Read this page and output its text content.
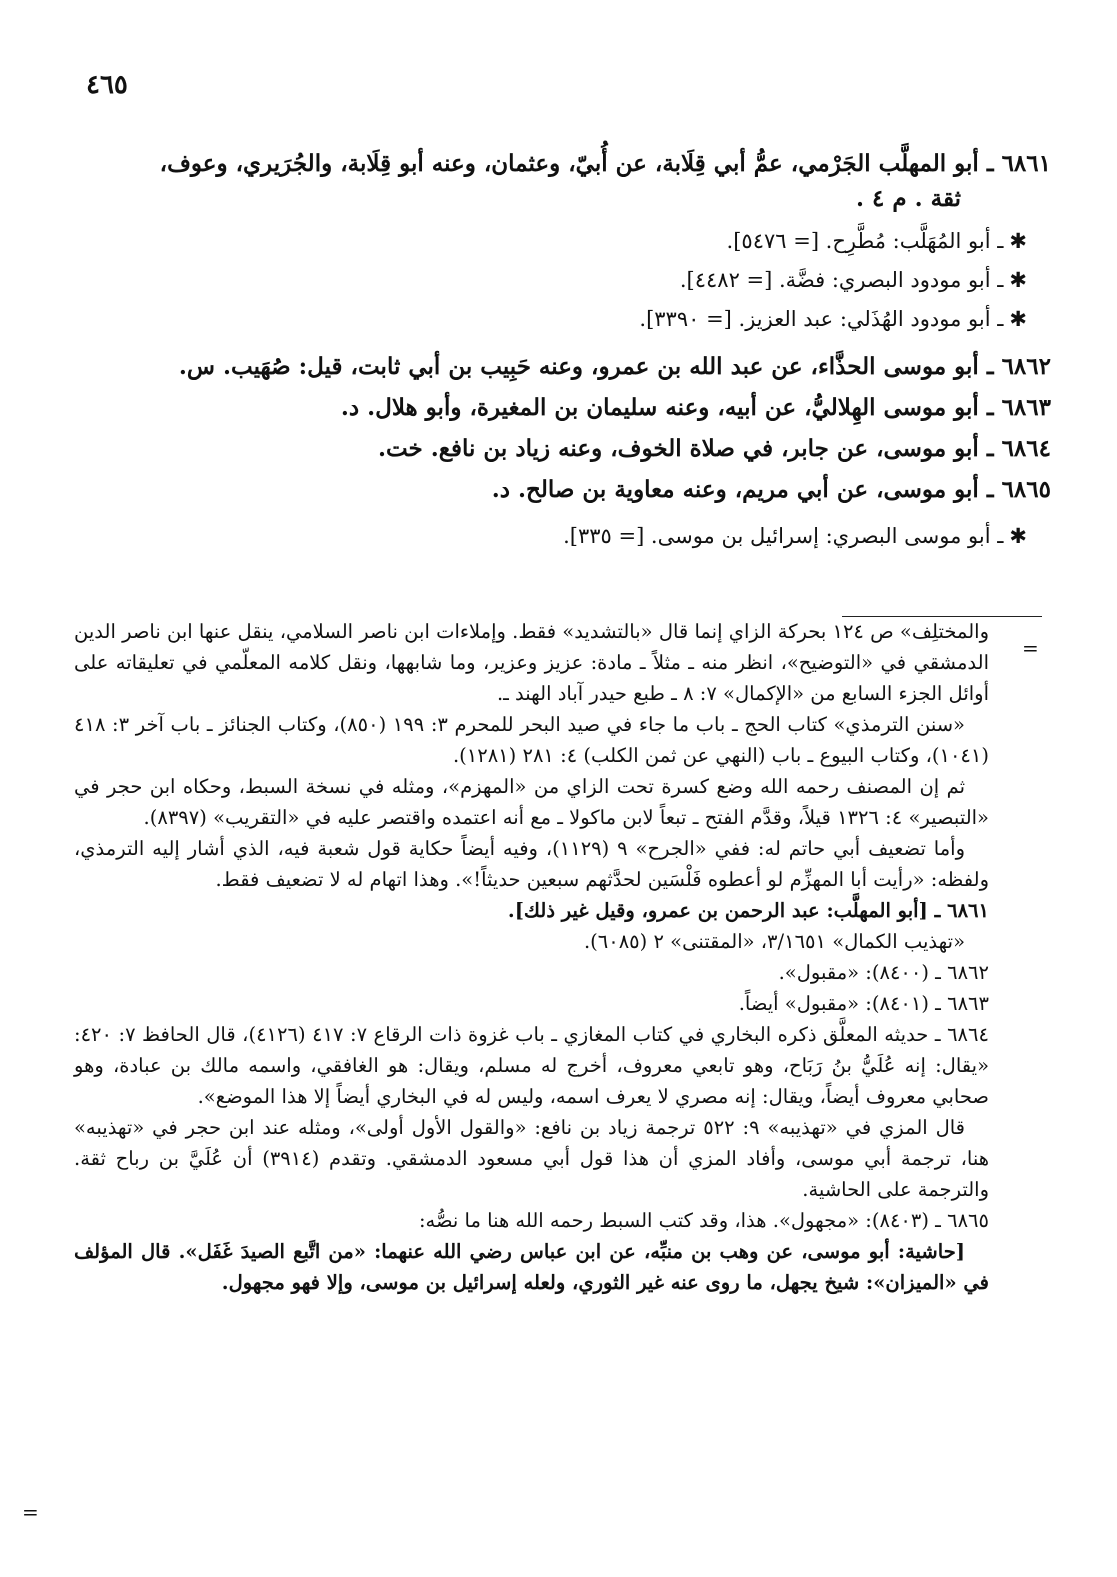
٤٦٥
٦٨٦١ ـ أبو المهلَّب الجَرْمي، عمُّ أبي قِلَابة، عن أُبيّ، وعثمان، وعنه أبو قِلَابة، والجُرَيري، وعوف،
ثقة . م ٤ .
✱ـ أبو المُهَلَّب: مُطَّرِح. [= ٥٤٧٦].
✱ـ أبو مودود البصري: فضَّة. [= ٤٤٨٢].
✱ـ أبو مودود الهُذَلي: عبد العزيز. [= ٣٣٩٠].
٦٨٦٢ ـ أبو موسى الحذَّاء، عن عبد الله بن عمرو، وعنه حَبِيب بن أبي ثابت، قيل: صُهَيب. س.
٦٨٦٣ ـ أبو موسى الهِلاليُّ، عن أبيه، وعنه سليمان بن المغيرة، وأبو هلال. د.
٦٨٦٤ ـ أبو موسى، عن جابر، في صلاة الخوف، وعنه زياد بن نافع. خت.
٦٨٦٥ ـ أبو موسى، عن أبي مريم، وعنه معاوية بن صالح. د.
✱ـ أبو موسى البصري: إسرائيل بن موسى. [= ٣٣٥].
=

والمختلِف» ص ١٢٤ بحركة الزاي إنما قال «بالتشديد» فقط. وإملاءات ابن ناصر السلامي، ينقل عنها ابن ناصر الدين الدمشقي في «التوضيح»، انظر منه ـ مثلاً ـ مادة: عزيز وعزير، وما شابهها، ونقل كلامه المعلّمي في تعليقاته على أوائل الجزء السابع من «الإكمال» ٧: ٨ ـ طبع حيدر آباد الهند ـ.

«سنن الترمذي» كتاب الحج ـ باب ما جاء في صيد البحر للمحرم ٣: ١٩٩ (٨٥٠)، وكتاب الجنائز ـ باب آخر ٣: ٤١٨ (١٠٤١)، وكتاب البيوع ـ باب (النهي عن ثمن الكلب) ٤: ٢٨١ (١٢٨١).

ثم إن المصنف رحمه الله وضع كسرة تحت الزاي من «المهزم»، ومثله في نسخة السبط، وحكاه ابن حجر في «التبصير» ٤: ١٣٢٦ قيلاً، وقدَّم الفتح ـ تبعاً لابن ماكولا ـ مع أنه اعتمده واقتصر عليه في «التقريب» (٨٣٩٧).

وأما تضعيف أبي حاتم له: ففي «الجرح» ٩ (١١٢٩)، وفيه أيضاً حكاية قول شعبة فيه، الذي أشار إليه الترمذي، ولفظه: «رأيت أبا المهزِّم لو أعطوه فَلْسَين لحدَّثهم سبعين حديثاً!». وهذا اتهام له لا تضعيف فقط.

٦٨٦١ ـ [أبو المهلَّب: عبد الرحمن بن عمرو، وقيل غير ذلك].

«تهذيب الكمال» ٣/١٦٥١، «المقتنى» ٢ (٦٠٨٥).

٦٨٦٢ ـ (٨٤٠٠): «مقبول».

٦٨٦٣ ـ (٨٤٠١): «مقبول» أيضاً.

٦٨٦٤ ـ حديثه المعلَّق ذكره البخاري في كتاب المغازي ـ باب غزوة ذات الرقاع ٧: ٤١٧ (٤١٢٦)، قال الحافظ ٧: ٤٢٠: «يقال: إنه عُلَيُّ بنُ رَبَاح، وهو تابعي معروف، أخرج له مسلم، ويقال: هو الغافقي، واسمه مالك بن عبادة، وهو صحابي معروف أيضاً، ويقال: إنه مصري لا يعرف اسمه، وليس له في البخاري أيضاً إلا هذا الموضع».

قال المزي في «تهذيبه» ٩: ٥٢٢ ترجمة زياد بن نافع: «والقول الأول أولى»، ومثله عند ابن حجر في «تهذيبه» هنا، ترجمة أبي موسى، وأفاد المزي أن هذا قول أبي مسعود الدمشقي. وتقدم (٣٩١٤) أن عُلَيَّ بن رباح ثقة. والترجمة على الحاشية.

٦٨٦٥ ـ (٨٤٠٣): «مجهول». هذا، وقد كتب السبط رحمه الله هنا ما نصُّه:

[حاشية: أبو موسى، عن وهب بن منبِّه، عن ابن عباس رضي الله عنهما: «من اتَّبع الصيدَ غَفَل». قال المؤلف في «الميزان»: شيخ يجهل، ما روى عنه غير الثوري، ولعله إسرائيل بن موسى، وإلا فهو مجهول.

=
